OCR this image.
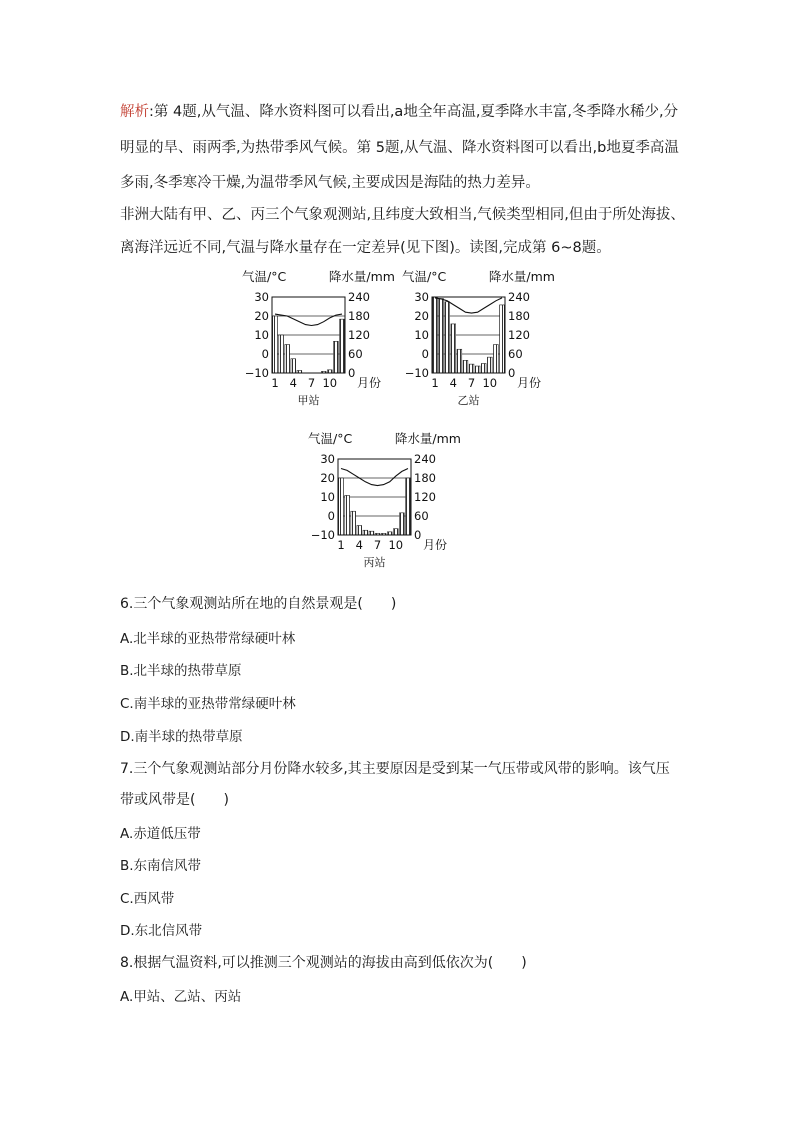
解析:第 4题,从气温、降水资料图可以看出,a地全年高温,夏季降水丰富,冬季降水稀少,分
明显的旱、雨两季,为热带季风气候。第 5题,从气温、降水资料图可以看出,b地夏季高温
多雨,冬季寒冷干燥,为温带季风气候,主要成因是海陆的热力差异。
非洲大陆有甲、乙、丙三个气象观测站,且纬度大致相当,气候类型相同,但由于所处海拔、
离海洋远近不同,气温与降水量存在一定差异(见下图)。读图,完成第 6~8题。
气温/°C	降水量/mm
30
20
10
0
−10
240
180
120
60
0
1 4 7 10 月份
甲站
气温/°C	降水量/mm
30
20
10
0
−10
240
180
120
60
0
1 4 7 10 月份
乙站
气温/°C	降水量/mm
30
20
10
0
−10
240
180
120
60
0
1 4 7 10 月份
丙站
6.三个气象观测站所在地的自然景观是(　　)
A.北半球的亚热带常绿硬叶林
B.北半球的热带草原
C.南半球的亚热带常绿硬叶林
D.南半球的热带草原
7.三个气象观测站部分月份降水较多,其主要原因是受到某一气压带或风带的影响。该气压
带或风带是(　　)
A.赤道低压带
B.东南信风带
C.西风带
D.东北信风带
8.根据气温资料,可以推测三个观测站的海拔由高到低依次为(　　)
A.甲站、乙站、丙站
